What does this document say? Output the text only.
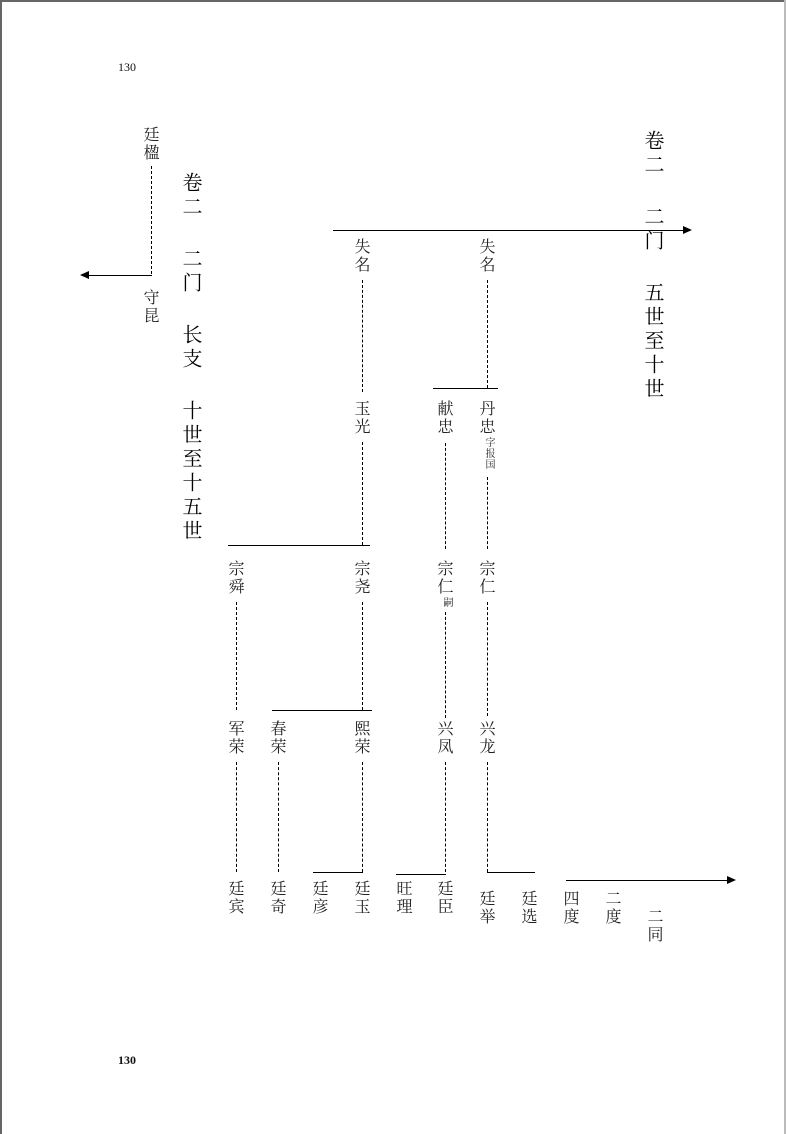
130
130
卷二 二门 五世至十世
卷二 二门 长支 十世至十五世
廷楹
守昆
失名
玉光
失名
献忠 丹忠
字报国
宗舜	宗尧	宗仁
嗣
宗仁
军荣 春荣	熙荣	兴凤 兴龙
廷宾 廷奇 廷彦 廷玉 旺理 廷臣 廷举 廷选 四度 二度 二同
